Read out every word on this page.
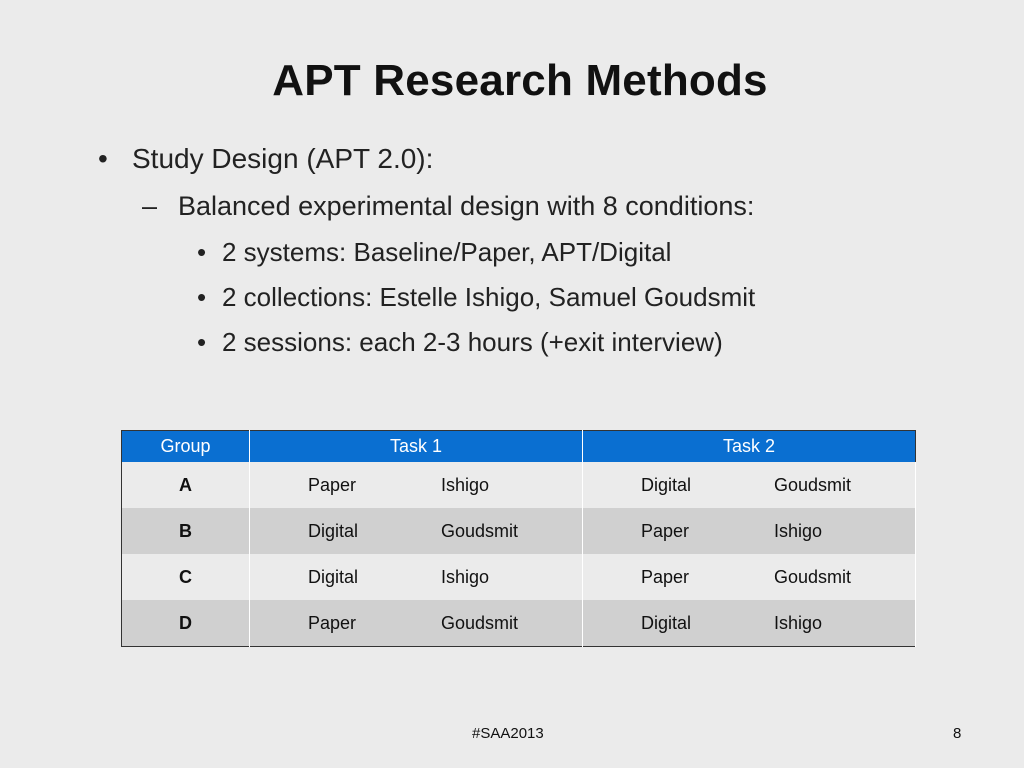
APT Research Methods
• Study Design (APT 2.0):
– Balanced experimental design with 8 conditions:
• 2 systems: Baseline/Paper, APT/Digital
• 2 collections: Estelle Ishigo, Samuel Goudsmit
• 2 sessions: each 2-3 hours (+exit interview)
Group	Task 1		Task 2	
A	Paper	Ishigo	Digital	Goudsmit
B	Digital	Goudsmit	Paper	Ishigo
C	Digital	Ishigo	Paper	Goudsmit
D	Paper	Goudsmit	Digital	Ishigo
#SAA2013	8
